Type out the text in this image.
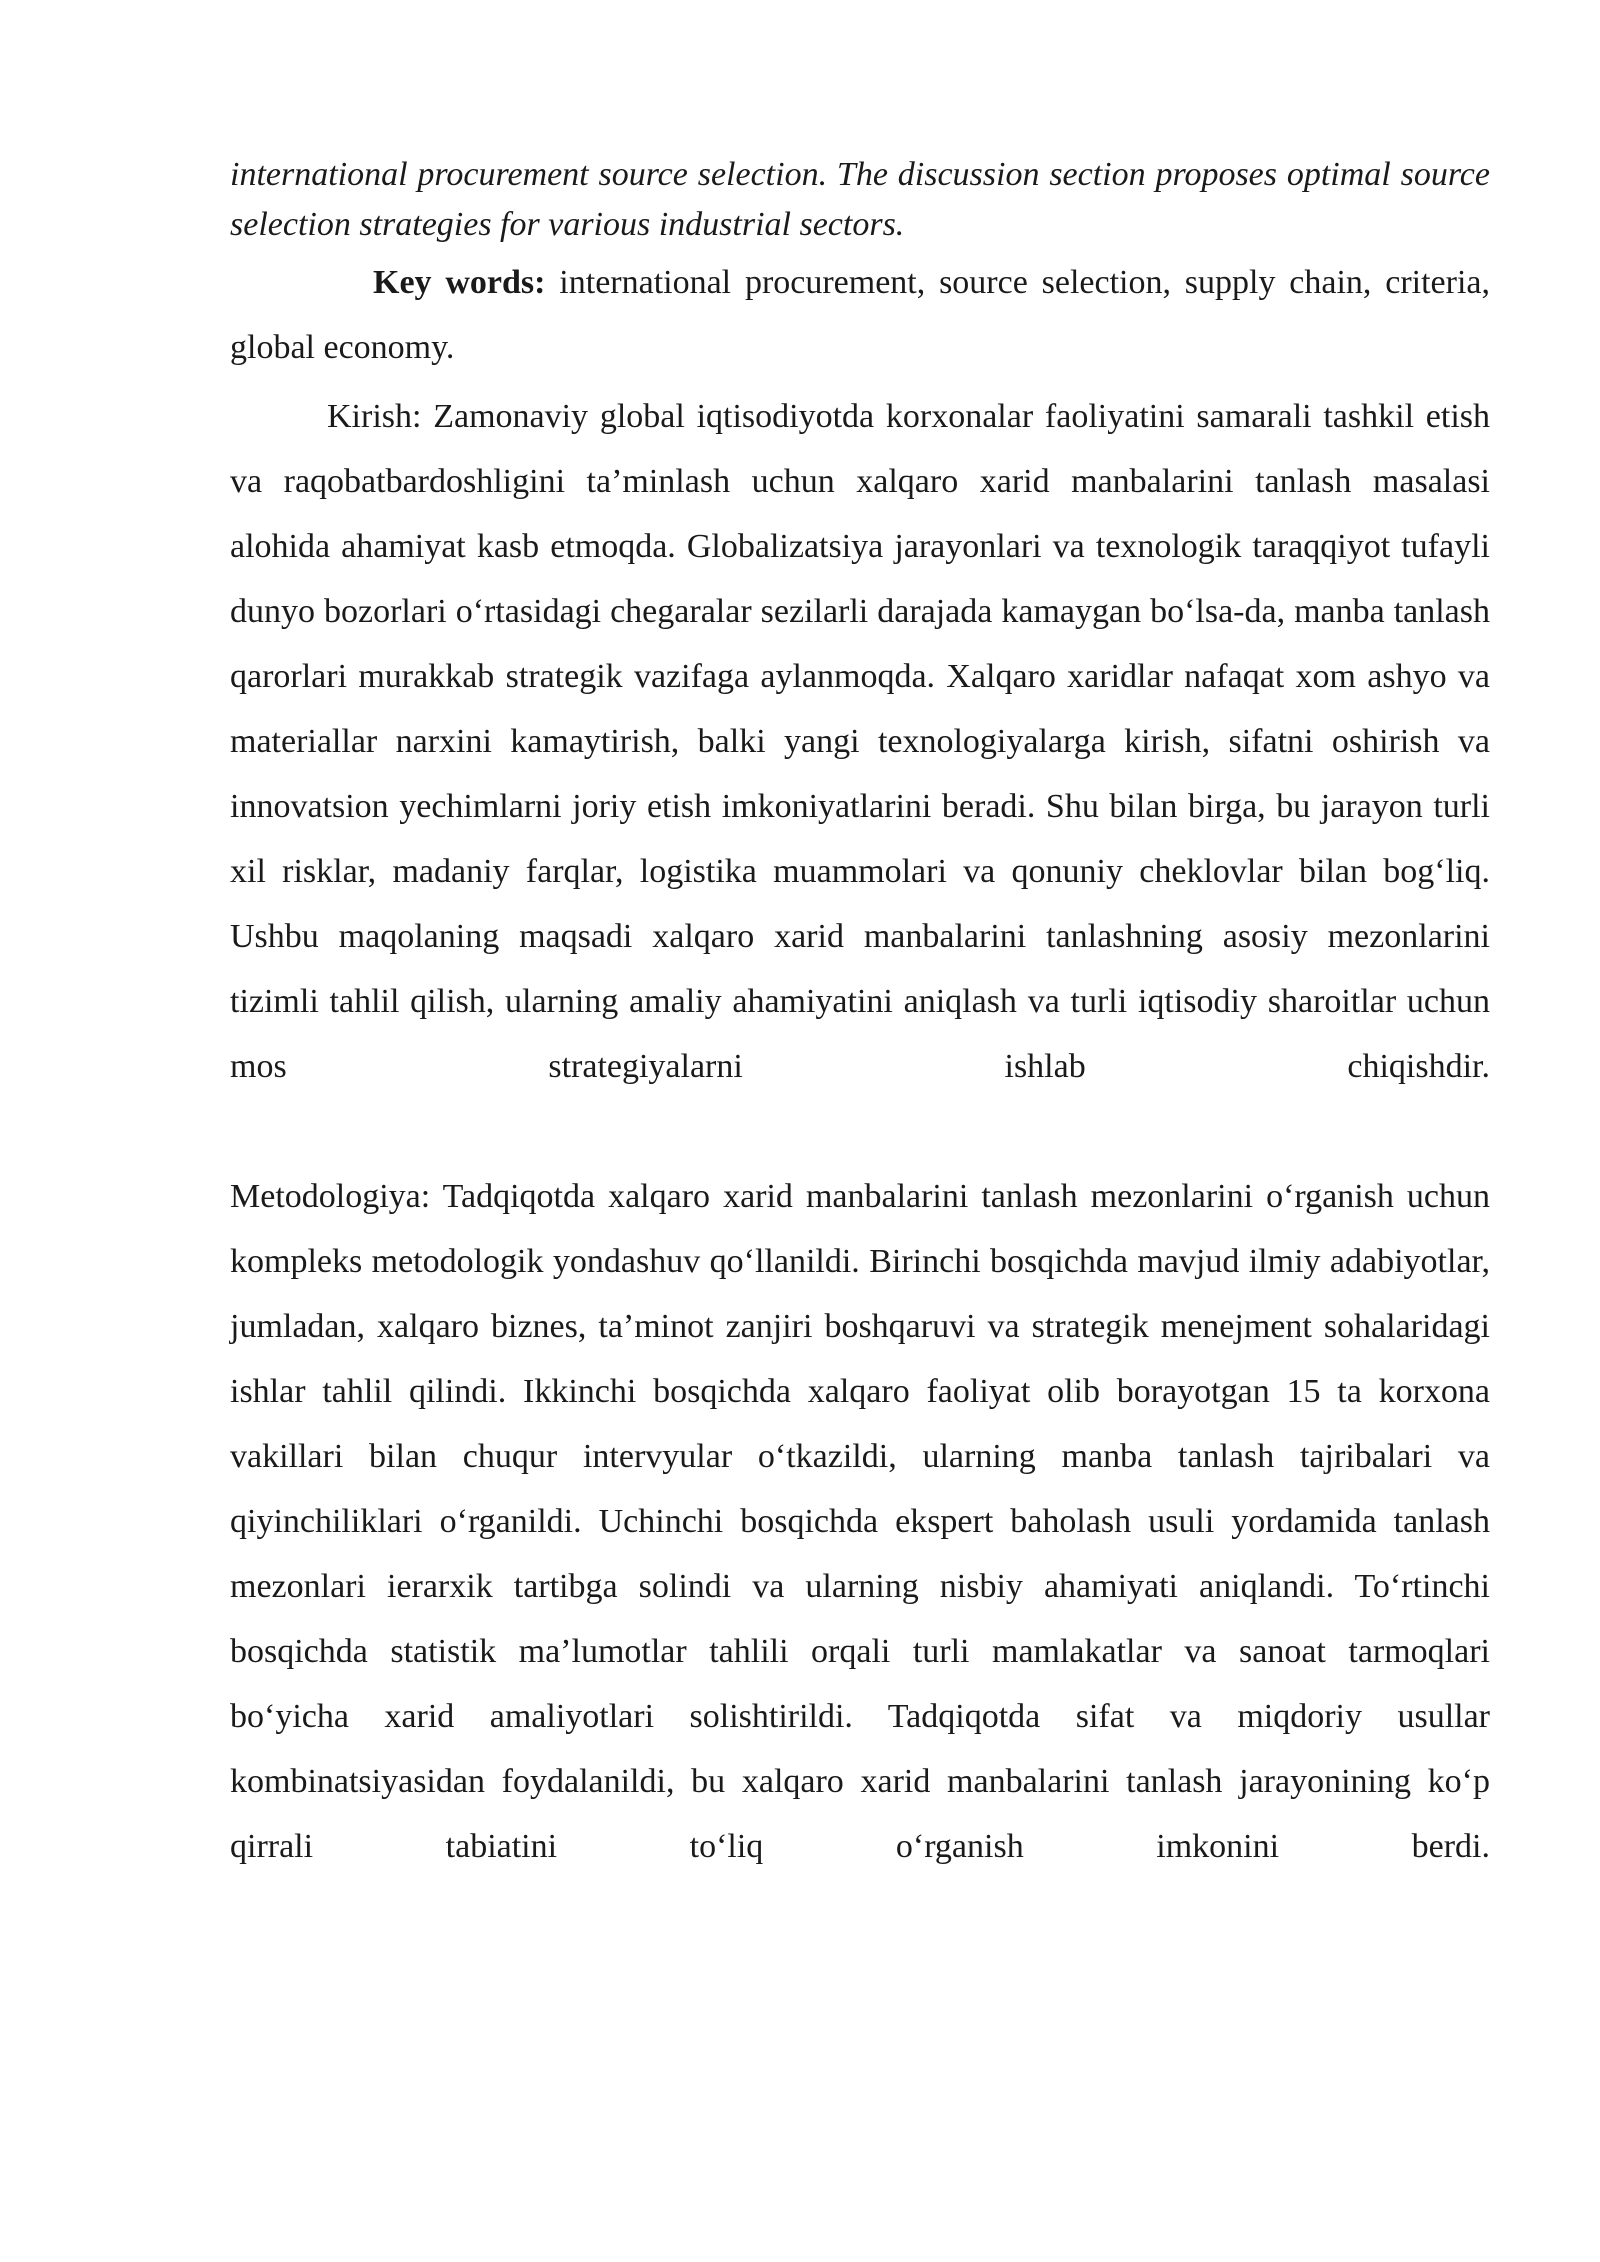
international procurement source selection. The discussion section proposes optimal source selection strategies for various industrial sectors.

Key words: international procurement, source selection, supply chain, criteria, global economy.

Kirish: Zamonaviy global iqtisodiyotda korxonalar faoliyatini samarali tashkil etish va raqobatbardoshligini ta’minlash uchun xalqaro xarid manbalarini tanlash masalasi alohida ahamiyat kasb etmoqda. Globalizatsiya jarayonlari va texnologik taraqqiyot tufayli dunyo bozorlari o‘rtasidagi chegaralar sezilarli darajada kamaygan bo‘lsa-da, manba tanlash qarorlari murakkab strategik vazifaga aylanmoqda. Xalqaro xaridlar nafaqat xom ashyo va materiallar narxini kamaytirish, balki yangi texnologiyalarga kirish, sifatni oshirish va innovatsion yechimlarni joriy etish imkoniyatlarini beradi. Shu bilan birga, bu jarayon turli xil risklar, madaniy farqlar, logistika muammolari va qonuniy cheklovlar bilan bog‘liq. Ushbu maqolaning maqsadi xalqaro xarid manbalarini tanlashning asosiy mezonlarini tizimli tahlil qilish, ularning amaliy ahamiyatini aniqlash va turli iqtisodiy sharoitlar uchun mos strategiyalarni ishlab chiqishdir.

Metodologiya: Tadqiqotda xalqaro xarid manbalarini tanlash mezonlarini o‘rganish uchun kompleks metodologik yondashuv qo‘llanildi. Birinchi bosqichda mavjud ilmiy adabiyotlar, jumladan, xalqaro biznes, ta’minot zanjiri boshqaruvi va strategik menejment sohalaridagi ishlar tahlil qilindi. Ikkinchi bosqichda xalqaro faoliyat olib borayotgan 15 ta korxona vakillari bilan chuqur intervyular o‘tkazildi, ularning manba tanlash tajribalari va qiyinchiliklari o‘rganildi. Uchinchi bosqichda ekspert baholash usuli yordamida tanlash mezonlari ierarxik tartibga solindi va ularning nisbiy ahamiyati aniqlandi. To‘rtinchi bosqichda statistik ma’lumotlar tahlili orqali turli mamlakatlar va sanoat tarmoqlari bo‘yicha xarid amaliyotlari solishtirildi. Tadqiqotda sifat va miqdoriy usullar kombinatsiyasidan foydalanildi, bu xalqaro xarid manbalarini tanlash jarayonining ko‘p qirrali tabiatini to‘liq o‘rganish imkonini berdi.
